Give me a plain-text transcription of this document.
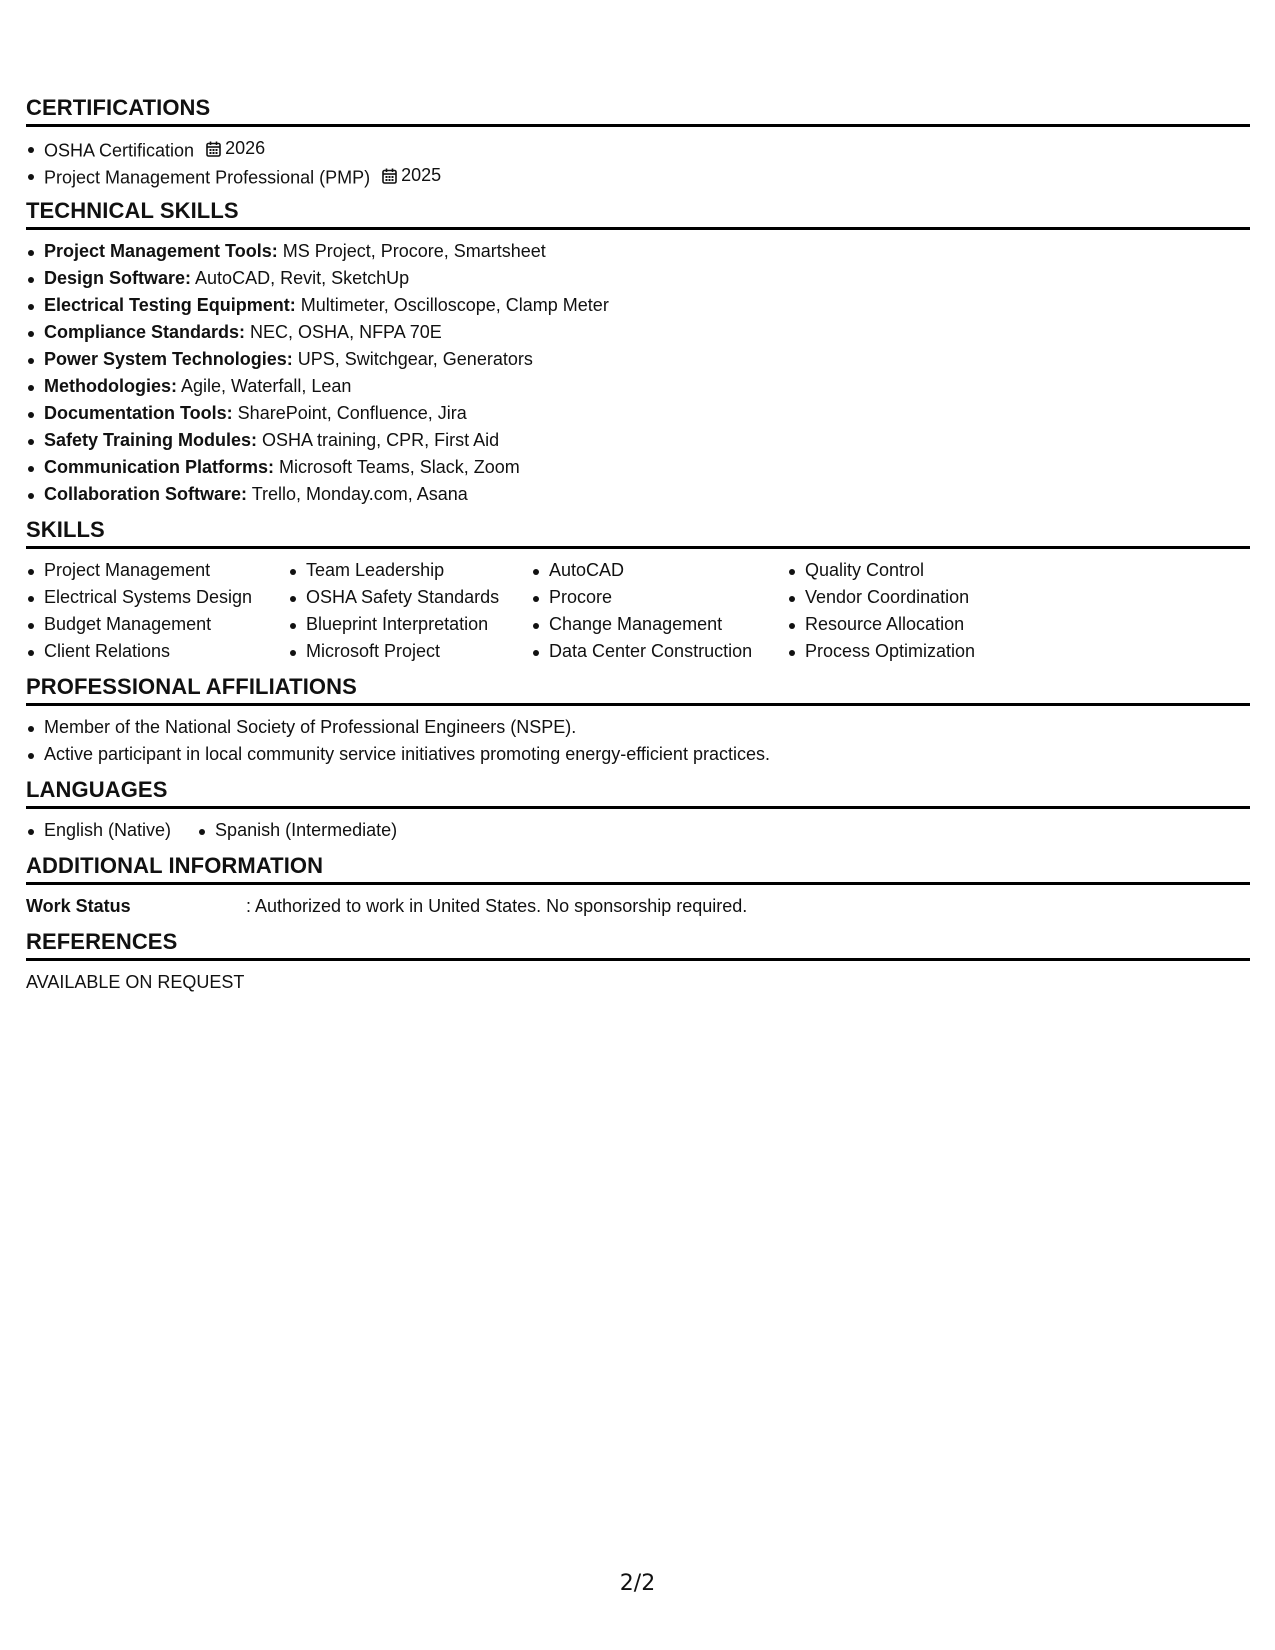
CERTIFICATIONS
OSHA Certification 2026
Project Management Professional (PMP) 2025
TECHNICAL SKILLS
Project Management Tools: MS Project, Procore, Smartsheet
Design Software: AutoCAD, Revit, SketchUp
Electrical Testing Equipment: Multimeter, Oscilloscope, Clamp Meter
Compliance Standards: NEC, OSHA, NFPA 70E
Power System Technologies: UPS, Switchgear, Generators
Methodologies: Agile, Waterfall, Lean
Documentation Tools: SharePoint, Confluence, Jira
Safety Training Modules: OSHA training, CPR, First Aid
Communication Platforms: Microsoft Teams, Slack, Zoom
Collaboration Software: Trello, Monday.com, Asana
SKILLS
Project Management
Electrical Systems Design
Budget Management
Client Relations
Team Leadership
OSHA Safety Standards
Blueprint Interpretation
Microsoft Project
AutoCAD
Procore
Change Management
Data Center Construction
Quality Control
Vendor Coordination
Resource Allocation
Process Optimization
PROFESSIONAL AFFILIATIONS
Member of the National Society of Professional Engineers (NSPE).
Active participant in local community service initiatives promoting energy-efficient practices.
LANGUAGES
English (Native)	Spanish (Intermediate)
ADDITIONAL INFORMATION
Work Status	: Authorized to work in United States. No sponsorship required.
REFERENCES
AVAILABLE ON REQUEST
2/2
